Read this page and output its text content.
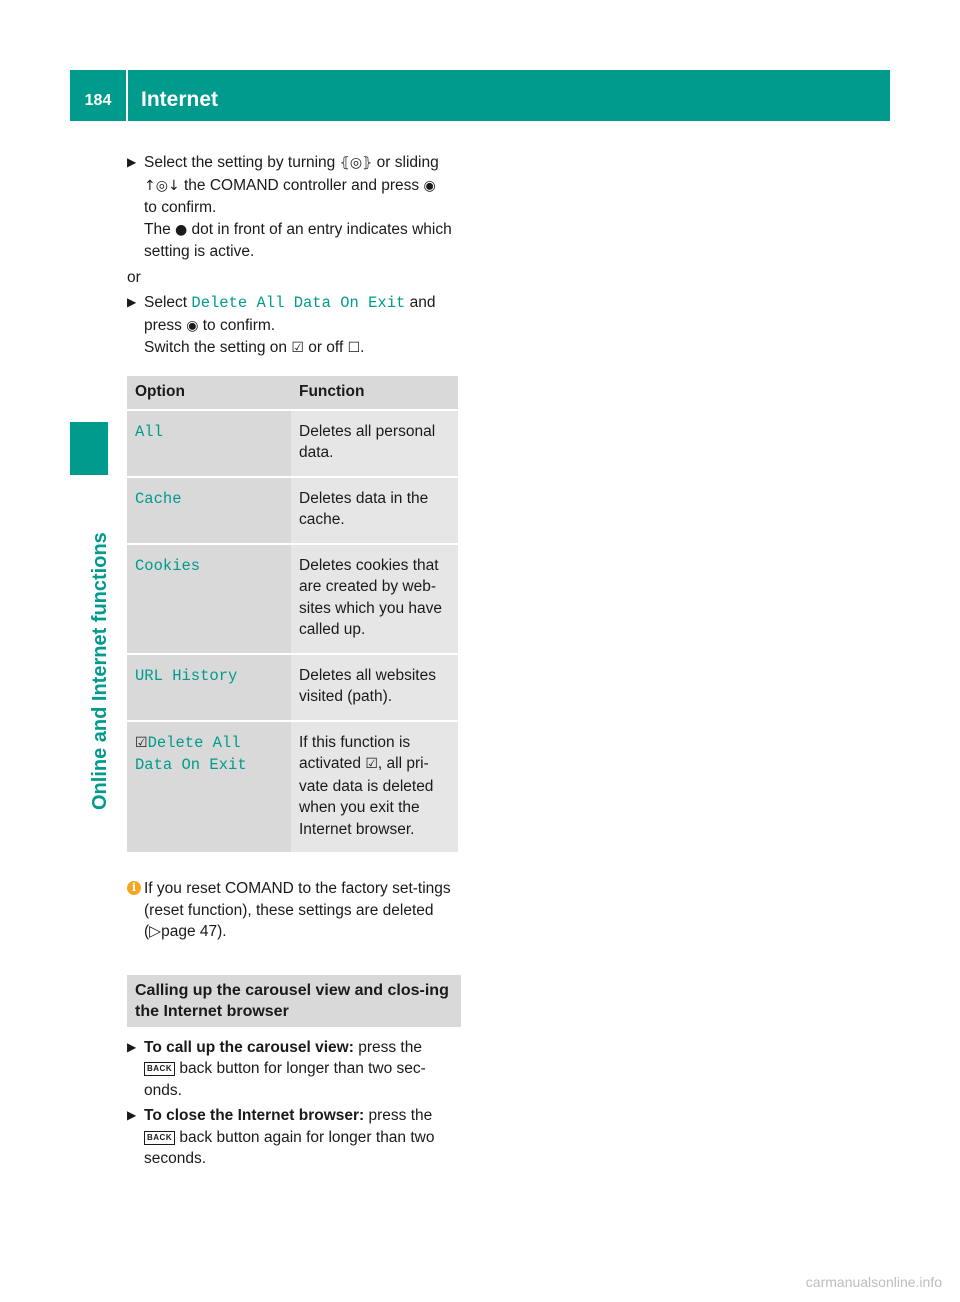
184	Internet
Online and Internet functions
▶ Select the setting by turning ⦃◎⦄ or sliding
↑◎↓ the COMAND controller and press ◉
to confirm.
The ● dot in front of an entry indicates which setting is active.
or
▶ Select Delete All Data On Exit and
press ◉ to confirm.
Switch the setting on ☑ or off ☐.
Option	Function
All	Deletes all personal data.
Cache	Deletes data in the cache.
Cookies	Deletes cookies that are created by web-sites which you have called up.
URL History	Deletes all websites visited (path).
☑Delete All Data On Exit	If this function is activated ☑, all pri-vate data is deleted when you exit the Internet browser.
i If you reset COMAND to the factory set-tings (reset function), these settings are deleted (▷page 47).
Calling up the carousel view and clos-ing the Internet browser
▶ To call up the carousel view: press the
BACK back button for longer than two sec-onds.
▶ To close the Internet browser: press the
BACK back button again for longer than two seconds.
carmanualsonline.info
